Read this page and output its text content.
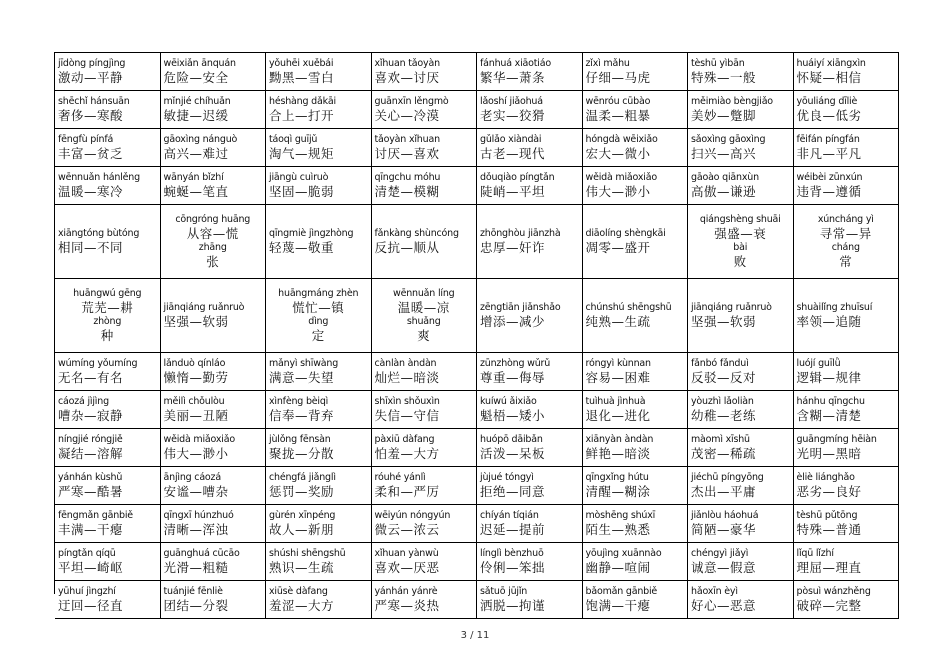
jīdòng píngjìng
激动—平静
wēixiǎn ānquán
危险—安全
yǒuhēi xuěbái
黝黑—雪白
xǐhuan tǎoyàn
喜欢—讨厌
fánhuá xiāotiáo
繁华—萧条
zǐxì mǎhu
仔细—马虎
tèshū yìbān
特殊—一般
huáiyí xiāngxìn
怀疑—相信
shēchǐ hánsuān
奢侈—寒酸
mǐnjié chíhuǎn
敏捷—迟缓
héshàng dǎkāi
合上—打开
guānxīn lěngmò
关心—冷漠
lǎoshí jiǎohuá
老实—狡猾
wēnróu cūbào
温柔—粗暴
měimiào bèngjiǎo
美妙—蹩脚
yōuliáng dīliè
优良—低劣
fēngfù pínfá
丰富—贫乏
gāoxìng nánguò
高兴—难过
táoqì guījǔ
淘气—规矩
tǎoyàn xǐhuan
讨厌—喜欢
gǔlǎo xiàndài
古老—现代
hóngdà wēixiǎo
宏大—微小
sǎoxìng gāoxìng
扫兴—高兴
fēifán píngfán
非凡—平凡
wēnnuǎn hánlěng
温暖—寒冷
wānyán bǐzhí
蜿蜒—笔直
jiāngù cuìruò
坚固—脆弱
qīngchu móhu
清楚—模糊
dǒuqiào píngtǎn
陡峭—平坦
wěidà miǎoxiǎo
伟大—渺小
gāoào qiānxùn
高傲—谦逊
wéibèi zūnxún
违背—遵循
xiāngtóng bùtóng
相同—不同
cōngróng huāng
从容—慌
zhāng
张
qīngmiè jìngzhòng
轻蔑—敬重
fǎnkàng shùncóng
反抗—顺从
zhōnghòu jiānzhà
忠厚—奸诈
diāolíng shèngkāi
凋零—盛开
qiángshèng shuāi
强盛—衰
bài
败
xúncháng yì
寻常—异
cháng
常
huāngwú gēng
荒芜—耕
zhòng
种
jiānqiáng ruǎnruò
坚强—软弱
huāngmáng zhèn
慌忙—镇
dìng
定
wēnnuǎn líng
温暖—凉
shuǎng
爽
zēngtiān jiǎnshǎo
增添—减少
chúnshú shēngshū
纯熟—生疏
jiānqiáng ruǎnruò
坚强—软弱
shuàilǐng zhuīsuí
率领—追随
wúmíng yǒumíng
无名—有名
lǎnduò qínláo
懒惰—勤劳
mǎnyì shīwàng
满意—失望
cànlàn àndàn
灿烂—暗淡
zūnzhòng wǔrǔ
尊重—侮辱
róngyì kùnnan
容易—困难
fǎnbó fǎnduì
反驳—反对
luójí guīlǜ
逻辑—规律
cáozá jìjìng
嘈杂—寂静
měilì chǒulòu
美丽—丑陋
xìnfèng bèiqì
信奉—背弃
shīxìn shǒuxìn
失信—守信
kuíwú ǎixiǎo
魁梧—矮小
tuìhuà jìnhuà
退化—进化
yòuzhì lǎoliàn
幼稚—老练
hánhu qīngchu
含糊—清楚
níngjié róngjiě
凝结—溶解
wěidà miǎoxiǎo
伟大—渺小
jùlǒng fēnsàn
聚拢—分散
pàxiū dàfang
怕羞—大方
huópō dāibǎn
活泼—呆板
xiānyàn àndàn
鲜艳—暗淡
màomì xīshū
茂密—稀疏
guāngmíng hēiàn
光明—黑暗
yánhán kùshǔ
严寒—酷暑
ānjìng cáozá
安谧—嘈杂
chéngfá jiǎnglì
惩罚—奖励
róuhé yánlì
柔和—严厉
jùjué tóngyì
拒绝—同意
qīngxǐng hútu
清醒—糊涂
jiéchū píngyōng
杰出—平庸
èliè liánghǎo
恶劣—良好
fēngmǎn gānbiě
丰满—干瘪
qīngxī húnzhuó
清晰—浑浊
gùrén xīnpéng
故人—新朋
wēiyún nóngyún
微云—浓云
chíyán tíqián
迟延—提前
mòshēng shúxī
陌生—熟悉
jiǎnlòu háohuá
简陋—豪华
tèshū pǔtōng
特殊—普通
píngtǎn qíqū
平坦—崎岖
guānghuá cūcāo
光滑—粗糙
shúshi shēngshū
熟识—生疏
xǐhuan yànwù
喜欢—厌恶
línglì bènzhuō
伶俐—笨拙
yōujìng xuānnào
幽静—喧闹
chéngyì jiǎyì
诚意—假意
lǐqū lǐzhí
理屈—理直
yūhuí jìngzhí
迂回—径直
tuánjié fēnliè
团结—分裂
xiūsè dàfang
羞涩—大方
yánhán yánrè
严寒—炎热
sǎtuō jūjǐn
洒脱—拘谨
bǎomǎn gānbiě
饱满—干瘪
hǎoxīn èyì
好心—恶意
pòsuì wánzhěng
破碎—完整
3 / 11
